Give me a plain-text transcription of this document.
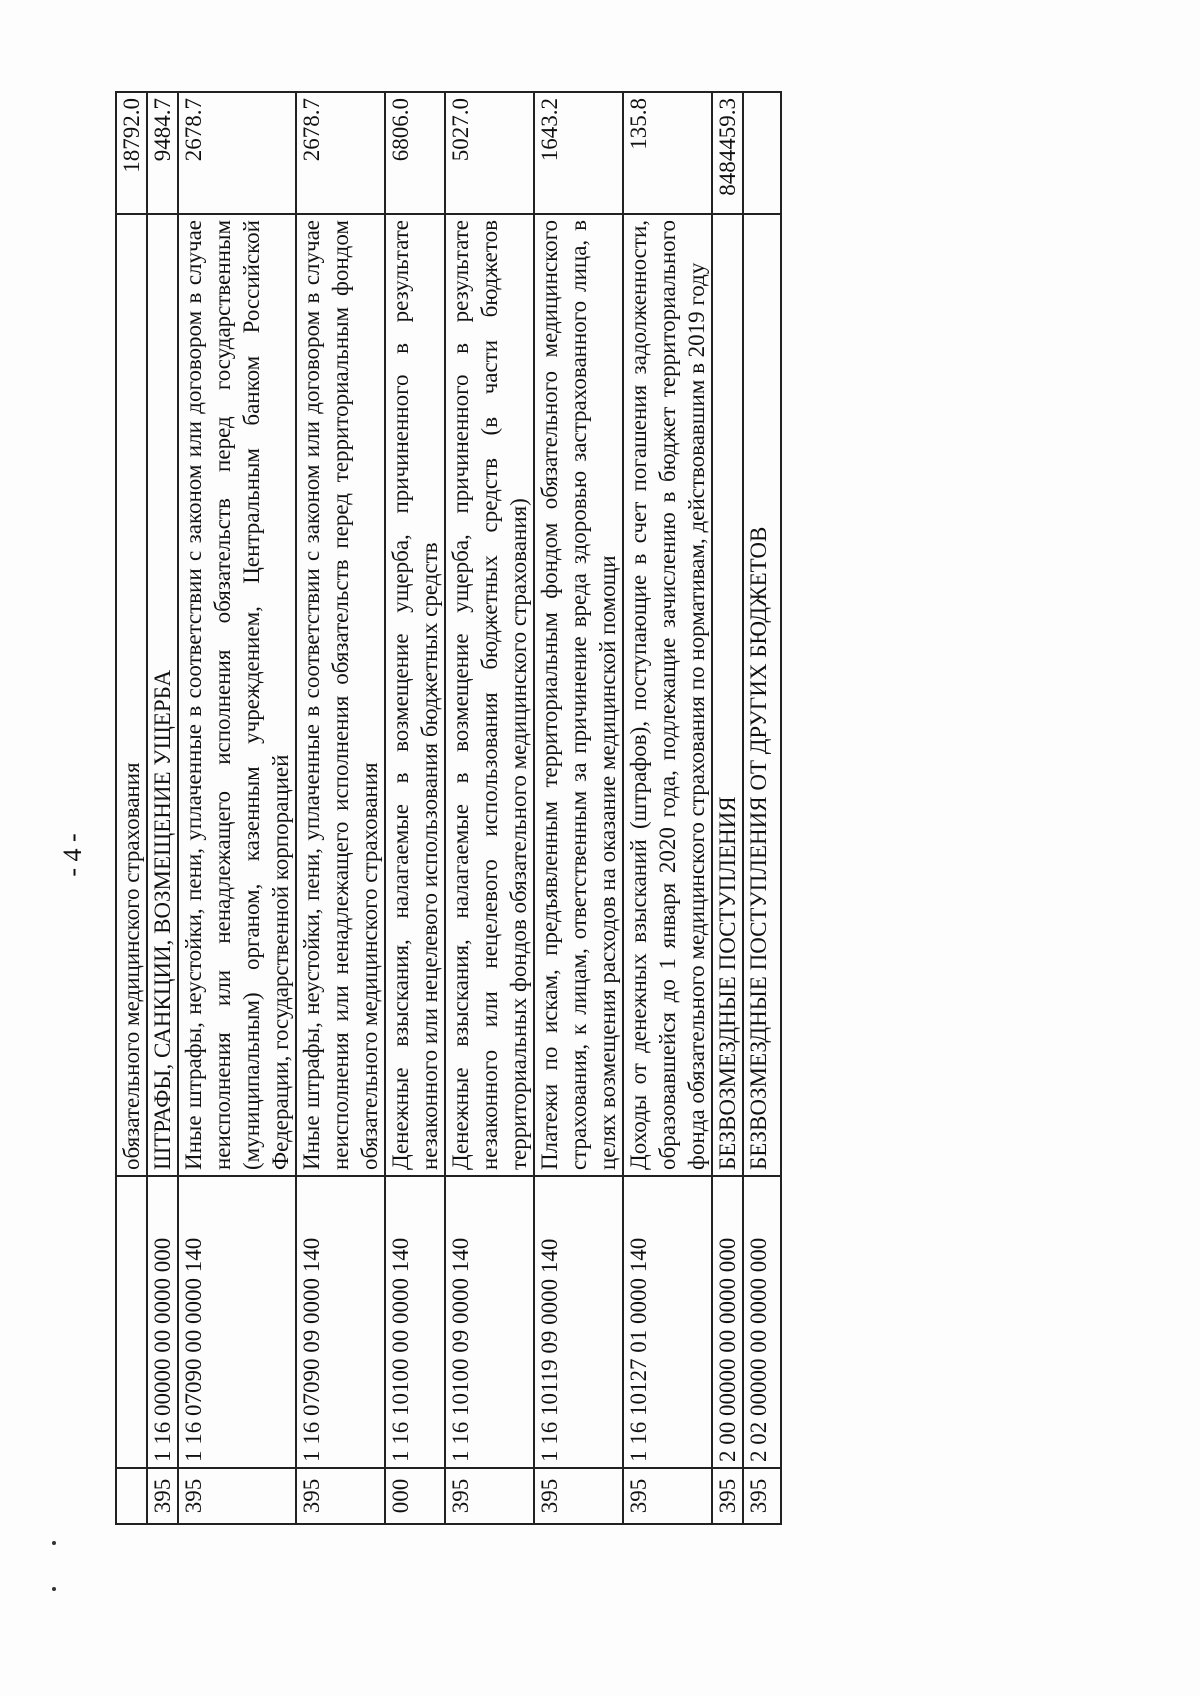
- 4 -
		обязательного медицинского страхования	18792.0
395	1 16 00000 00 0000 000	ШТРАФЫ, САНКЦИИ, ВОЗМЕЩЕНИЕ УЩЕРБА	9484.7
395	1 16 07090 00 0000 140	Иные штрафы, неустойки, пени, уплаченные в соответствии с законом или договором в случае неисполнения или ненадлежащего исполнения обязательств перед государственным (муниципальным) органом, казенным учреждением, Центральным банком Российской Федерации, государственной корпорацией	2678.7
395	1 16 07090 09 0000 140	Иные штрафы, неустойки, пени, уплаченные в соответствии с законом или договором в случае неисполнения или ненадлежащего исполнения обязательств перед территориальным фондом обязательного медицинского страхования	2678.7
000	1 16 10100 00 0000 140	Денежные взыскания, налагаемые в возмещение ущерба, причиненного в результате незаконного или нецелевого использования бюджетных средств	6806.0
395	1 16 10100 09 0000 140	Денежные взыскания, налагаемые в возмещение ущерба, причиненного в результате незаконного или нецелевого использования бюджетных средств (в части бюджетов территориальных фондов обязательного медицинского страхования)	5027.0
395	1 16 10119 09 0000 140	Платежи по искам, предъявленным территориальным фондом обязательного медицинского страхования, к лицам, ответственным за причинение вреда здоровью застрахованного лица, в целях возмещения расходов на оказание медицинской помощи	1643.2
395	1 16 10127 01 0000 140	Доходы от денежных взысканий (штрафов), поступающие в счет погашения задолженности, образовавшейся до 1 января 2020 года, подлежащие зачислению в бюджет территориального фонда обязательного медицинского страхования по нормативам, действовавшим в 2019 году	135.8
395	2 00 00000 00 0000 000	БЕЗВОЗМЕЗДНЫЕ ПОСТУПЛЕНИЯ	8484459.3
395	2 02 00000 00 0000 000	БЕЗВОЗМЕЗДНЫЕ ПОСТУПЛЕНИЯ ОТ ДРУГИХ БЮДЖЕТОВ	
